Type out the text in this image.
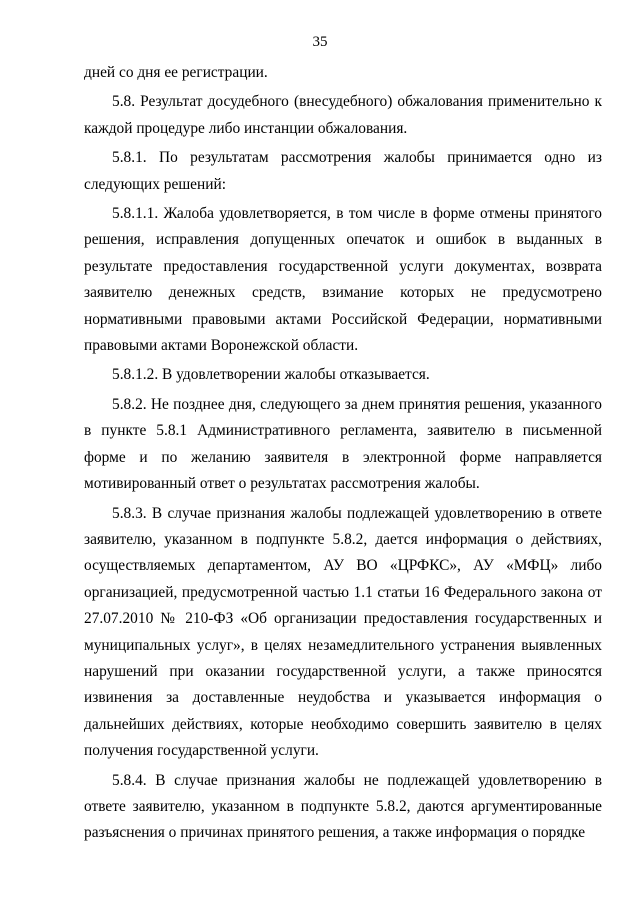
35

дней со дня ее регистрации.

5.8. Результат досудебного (внесудебного) обжалования применительно к каждой процедуре либо инстанции обжалования.

5.8.1. По результатам рассмотрения жалобы принимается одно из следующих решений:

5.8.1.1. Жалоба удовлетворяется, в том числе в форме отмены принятого решения, исправления допущенных опечаток и ошибок в выданных в результате предоставления государственной услуги документах, возврата заявителю денежных средств, взимание которых не предусмотрено нормативными правовыми актами Российской Федерации, нормативными правовыми актами Воронежской области.

5.8.1.2. В удовлетворении жалобы отказывается.

5.8.2. Не позднее дня, следующего за днем принятия решения, указанного в пункте 5.8.1 Административного регламента, заявителю в письменной форме и по желанию заявителя в электронной форме направляется мотивированный ответ о результатах рассмотрения жалобы.

5.8.3. В случае признания жалобы подлежащей удовлетворению в ответе заявителю, указанном в подпункте 5.8.2, дается информация о действиях, осуществляемых департаментом, АУ ВО «ЦРФКС», АУ «МФЦ» либо организацией, предусмотренной частью 1.1 статьи 16 Федерального закона от 27.07.2010 № 210-ФЗ «Об организации предоставления государственных и муниципальных услуг», в целях незамедлительного устранения выявленных нарушений при оказании государственной услуги, а также приносятся извинения за доставленные неудобства и указывается информация о дальнейших действиях, которые необходимо совершить заявителю в целях получения государственной услуги.

5.8.4. В случае признания жалобы не подлежащей удовлетворению в ответе заявителю, указанном в подпункте 5.8.2, даются аргументированные разъяснения о причинах принятого решения, а также информация о порядке
